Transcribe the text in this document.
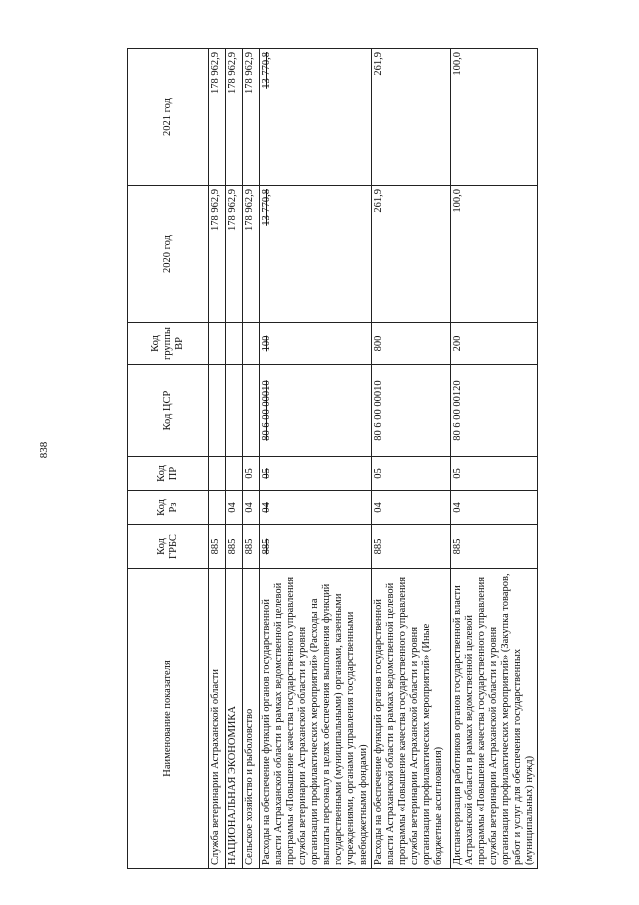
838
Наименование показателя	Код ГРБС	Код Рз	Код ПР	Код ЦСР	Код группы ВР	2020 год	2021 год
Служба ветеринарии Астраханской области	885					178 962,9	178 962,9
НАЦИОНАЛЬНАЯ ЭКОНОМИКА	885	04				178 962,9	178 962,9
Сельское хозяйство и рыболовство	885	04	05			178 962,9	178 962,9
Расходы на обеспечение функций органов государственной власти Астраханской области в рамках ведомственной целевой программы «Повышение качества государственного управления службы ветеринарии Астраханской области и уровня организации профилактических мероприятий» (Расходы на выплаты персоналу в целях обеспечения выполнения функций государственными (муниципальными) органами, казенными учреждениями, органами управления государственными внебюджетными фондами)	885	04	05	80 6 00 00010	100	13 770,8	13 770,8
Расходы на обеспечение функций органов государственной власти Астраханской области в рамках ведомственной целевой программы «Повышение качества государственного управления службы ветеринарии Астраханской области и уровня организации профилактических мероприятий» (Иные бюджетные ассигнования)	885	04	05	80 6 00 00010	800	261,9	261,9
Диспансеризация работников органов государственной власти Астраханской области в рамках ведомственной целевой программы «Повышение качества государственного управления службы ветеринарии Астраханской области и уровня организации профилактических мероприятий» (Закупка товаров, работ и услуг для обеспечения государственных (муниципальных) нужд)	885	04	05	80 6 00 00120	200	100,0	100,0
